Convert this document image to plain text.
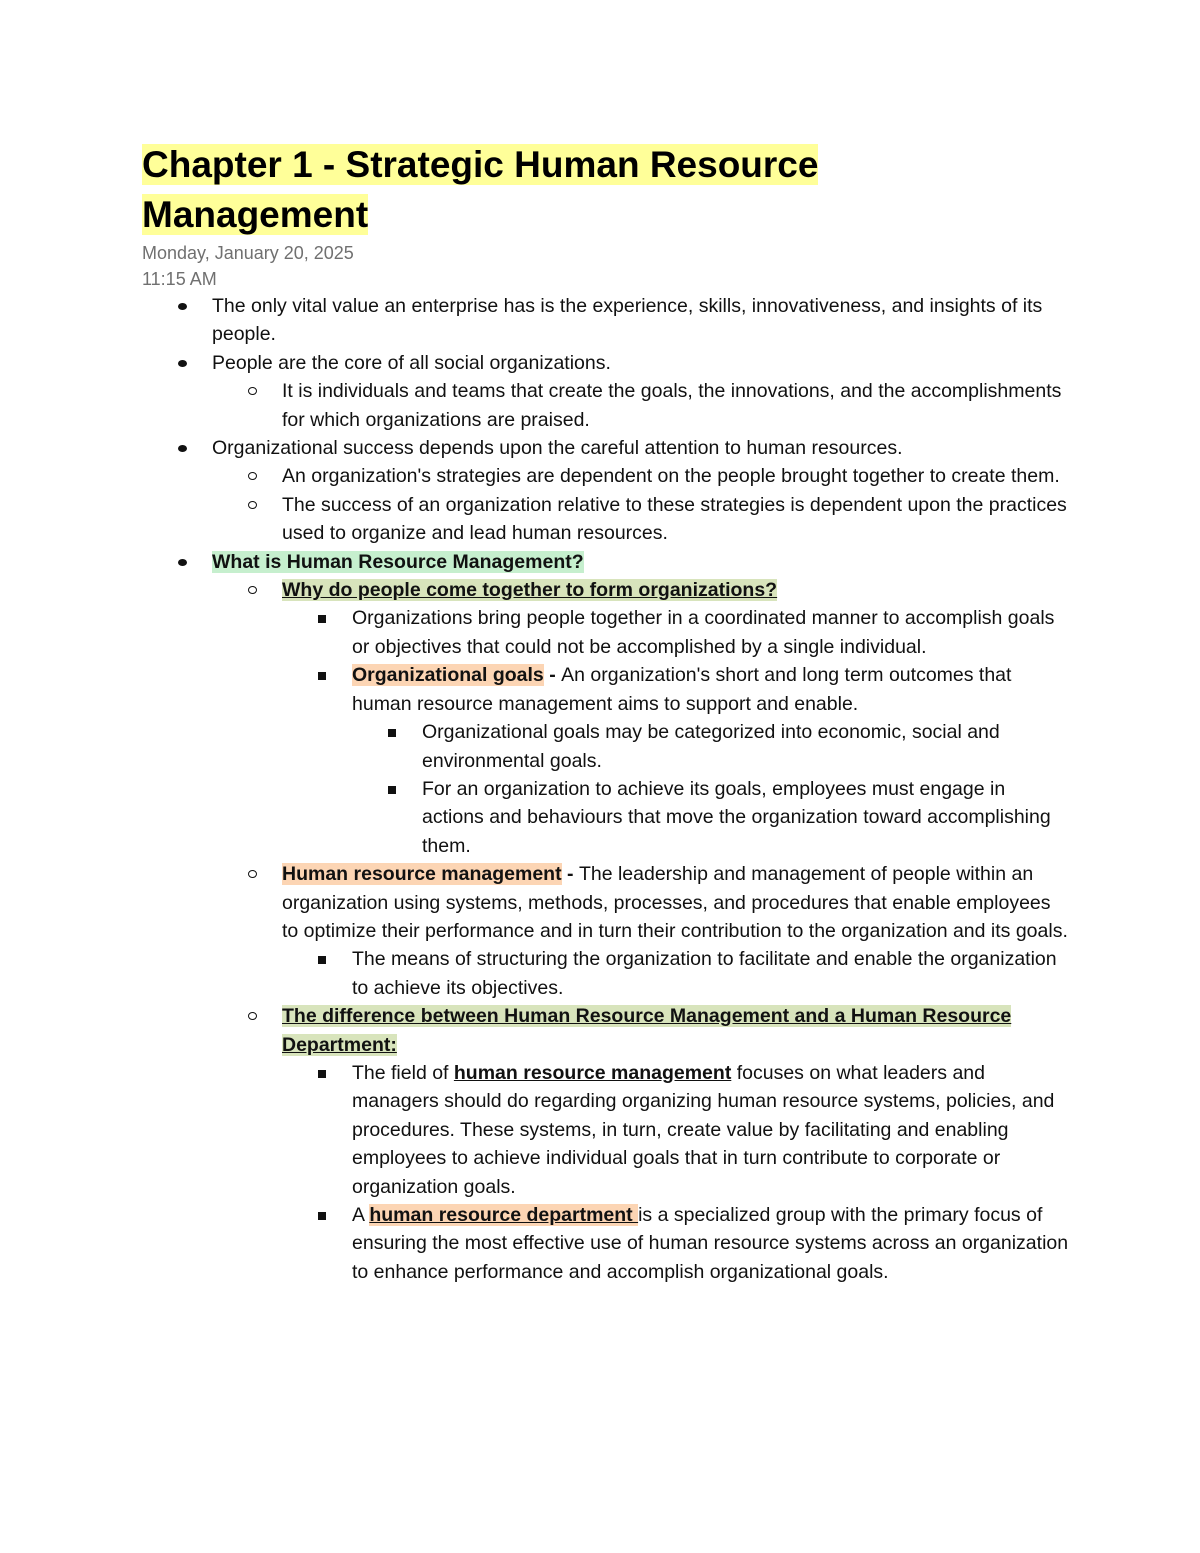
Chapter 1 - Strategic Human Resource
Management
Monday, January 20, 2025
11:15 AM
The only vital value an enterprise has is the experience, skills, innovativeness, and insights of its people.
People are the core of all social organizations.
It is individuals and teams that create the goals, the innovations, and the accomplishments for which organizations are praised.
Organizational success depends upon the careful attention to human resources.
An organization's strategies are dependent on the people brought together to create them.
The success of an organization relative to these strategies is dependent upon the practices used to organize and lead human resources.
What is Human Resource Management?
Why do people come together to form organizations?
Organizations bring people together in a coordinated manner to accomplish goals or objectives that could not be accomplished by a single individual.
Organizational goals - An organization's short and long term outcomes that human resource management aims to support and enable.
Organizational goals may be categorized into economic, social and environmental goals.
For an organization to achieve its goals, employees must engage in actions and behaviours that move the organization toward accomplishing them.
Human resource management - The leadership and management of people within an organization using systems, methods, processes, and procedures that enable employees to optimize their performance and in turn their contribution to the organization and its goals.
The means of structuring the organization to facilitate and enable the organization to achieve its objectives.
The difference between Human Resource Management and a Human Resource Department:
The field of human resource management focuses on what leaders and managers should do regarding organizing human resource systems, policies, and procedures. These systems, in turn, create value by facilitating and enabling employees to achieve individual goals that in turn contribute to corporate or organization goals.
A human resource department is a specialized group with the primary focus of ensuring the most effective use of human resource systems across an organization to enhance performance and accomplish organizational goals.
